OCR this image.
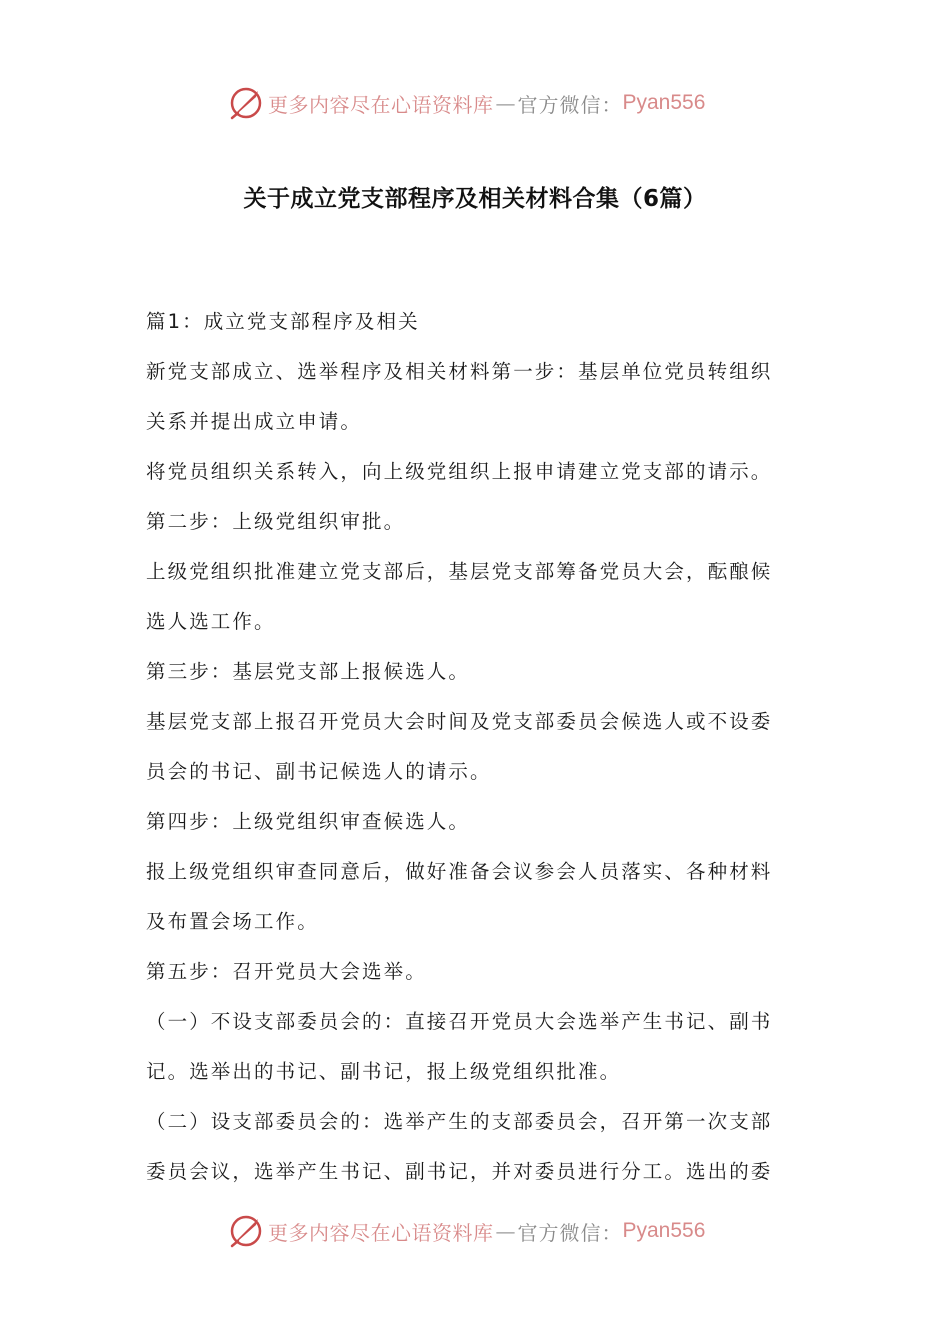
更多内容尽在心语资料库 — 官方微信： Pyan556
关于成立党支部程序及相关材料合集（6篇）

篇1：成立党支部程序及相关

新党支部成立、选举程序及相关材料第一步：基层单位党员转组织

关系并提出成立申请。

将党员组织关系转入，向上级党组织上报申请建立党支部的请示。

第二步：上级党组织审批。

上级党组织批准建立党支部后，基层党支部筹备党员大会，酝酿候

选人选工作。

第三步：基层党支部上报候选人。

基层党支部上报召开党员大会时间及党支部委员会候选人或不设委

员会的书记、副书记候选人的请示。

第四步：上级党组织审查候选人。

报上级党组织审查同意后，做好准备会议参会人员落实、各种材料

及布置会场工作。

第五步：召开党员大会选举。

（一）不设支部委员会的：直接召开党员大会选举产生书记、副书

记。选举出的书记、副书记，报上级党组织批准。

（二）设支部委员会的：选举产生的支部委员会，召开第一次支部

委员会议，选举产生书记、副书记，并对委员进行分工。选出的委

更多内容尽在心语资料库 — 官方微信： Pyan556
